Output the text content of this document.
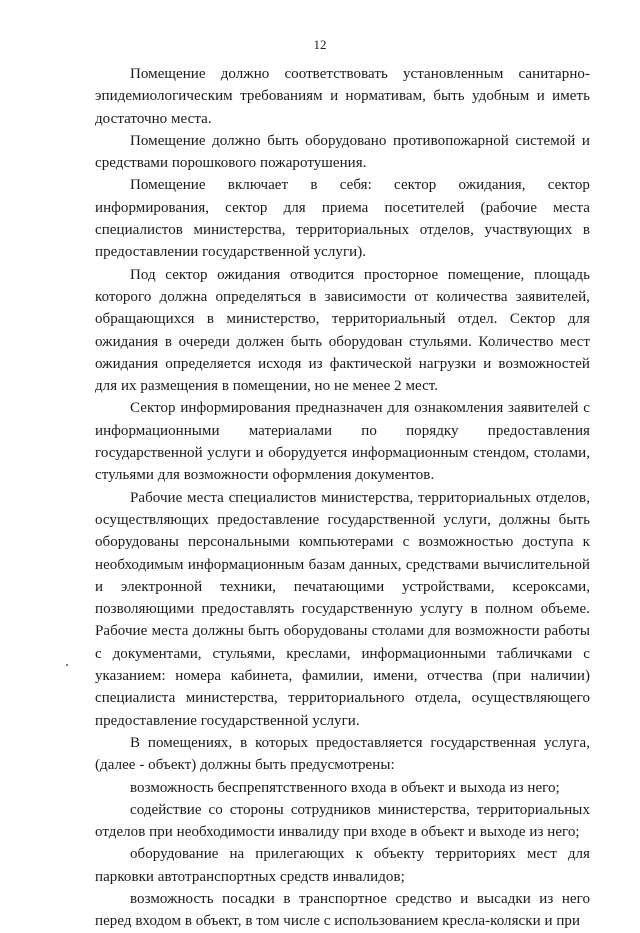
12

Помещение должно соответствовать установленным санитарно-эпидемиологическим требованиям и нормативам, быть удобным и иметь достаточно места.

Помещение должно быть оборудовано противопожарной системой и средствами порошкового пожаротушения.

Помещение включает в себя: сектор ожидания, сектор информирования, сектор для приема посетителей (рабочие места специалистов министерства, территориальных отделов, участвующих в предоставлении государственной услуги).

Под сектор ожидания отводится просторное помещение, площадь которого должна определяться в зависимости от количества заявителей, обращающихся в министерство, территориальный отдел. Сектор для ожидания в очереди должен быть оборудован стульями. Количество мест ожидания определяется исходя из фактической нагрузки и возможностей для их размещения в помещении, но не менее 2 мест.

Сектор информирования предназначен для ознакомления заявителей с информационными материалами по порядку предоставления государственной услуги и оборудуется информационным стендом, столами, стульями для возможности оформления документов.

Рабочие места специалистов министерства, территориальных отделов, осуществляющих предоставление государственной услуги, должны быть оборудованы персональными компьютерами с возможностью доступа к необходимым информационным базам данных, средствами вычислительной и электронной техники, печатающими устройствами, ксероксами, позволяющими предоставлять государственную услугу в полном объеме. Рабочие места должны быть оборудованы столами для возможности работы с документами, стульями, креслами, информационными табличками с указанием: номера кабинета, фамилии, имени, отчества (при наличии) специалиста министерства, территориального отдела, осуществляющего предоставление государственной услуги.

В помещениях, в которых предоставляется государственная услуга, (далее - объект) должны быть предусмотрены:

возможность беспрепятственного входа в объект и выхода из него;

содействие со стороны сотрудников министерства, территориальных отделов при необходимости инвалиду при входе в объект и выходе из него;

оборудование на прилегающих к объекту территориях мест для парковки автотранспортных средств инвалидов;

возможность посадки в транспортное средство и высадки из него перед входом в объект, в том числе с использованием кресла-коляски и при
